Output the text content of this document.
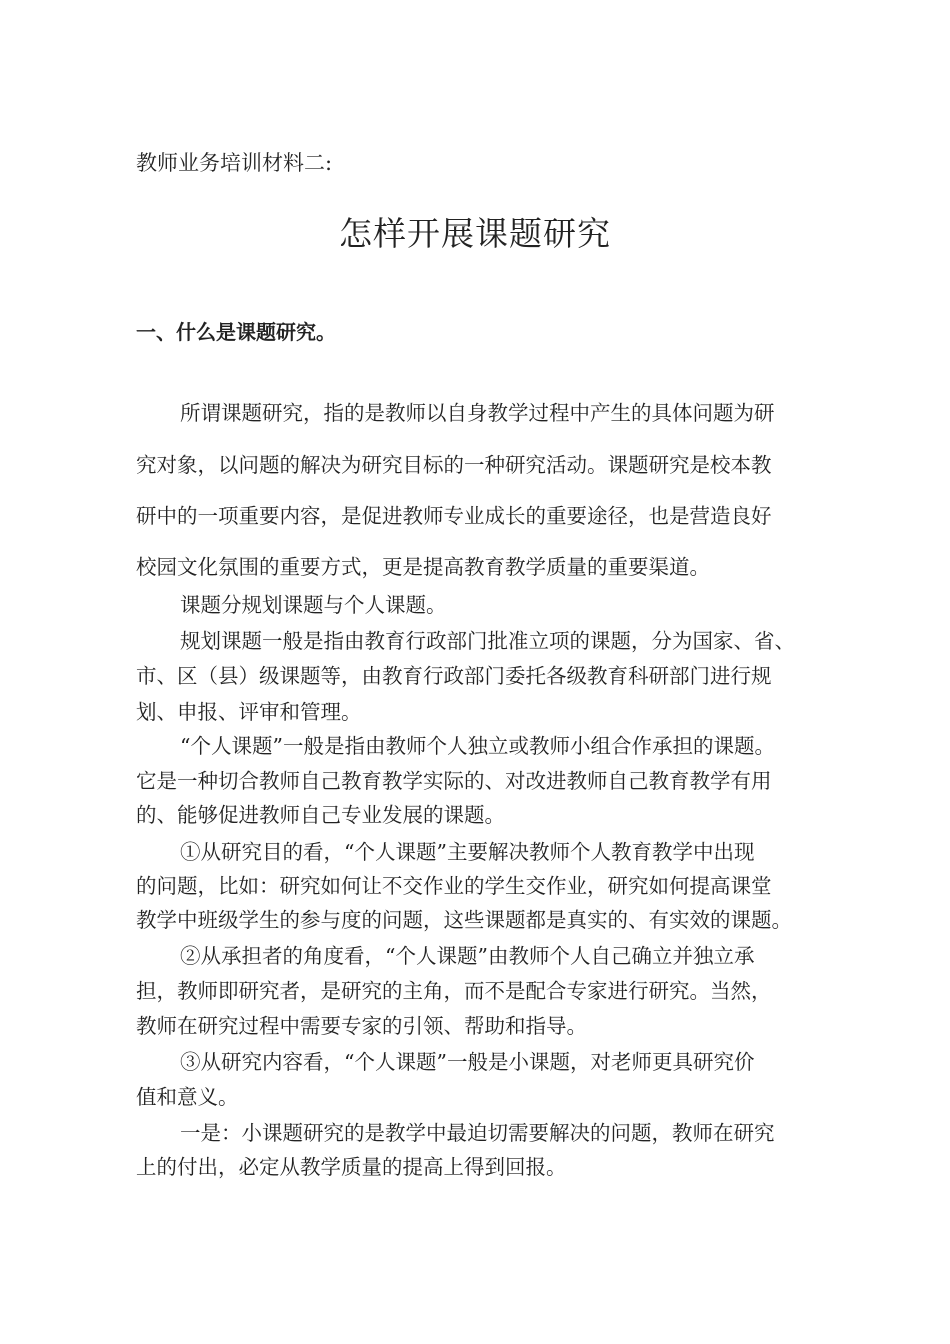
教师业务培训材料二:
怎样开展课题研究
一、什么是课题研究。
所谓课题研究，指的是教师以自身教学过程中产生的具体问题为研
究对象，以问题的解决为研究目标的一种研究活动。课题研究是校本教
研中的一项重要内容，是促进教师专业成长的重要途径，也是营造良好
校园文化氛围的重要方式，更是提高教育教学质量的重要渠道。
课题分规划课题与个人课题。
规划课题一般是指由教育行政部门批准立项的课题，分为国家、省、
市、区（县）级课题等，由教育行政部门委托各级教育科研部门进行规
划、申报、评审和管理。
“个人课题”一般是指由教师个人独立或教师小组合作承担的课题。
它是一种切合教师自己教育教学实际的、对改进教师自己教育教学有用
的、能够促进教师自己专业发展的课题。
①从研究目的看，“个人课题”主要解决教师个人教育教学中出现
的问题，比如：研究如何让不交作业的学生交作业，研究如何提高课堂
教学中班级学生的参与度的问题，这些课题都是真实的、有实效的课题。
②从承担者的角度看，“个人课题”由教师个人自己确立并独立承
担，教师即研究者，是研究的主角，而不是配合专家进行研究。当然，
教师在研究过程中需要专家的引领、帮助和指导。
③从研究内容看，“个人课题”一般是小课题，对老师更具研究价
值和意义。
一是：小课题研究的是教学中最迫切需要解决的问题，教师在研究
上的付出，必定从教学质量的提高上得到回报。
